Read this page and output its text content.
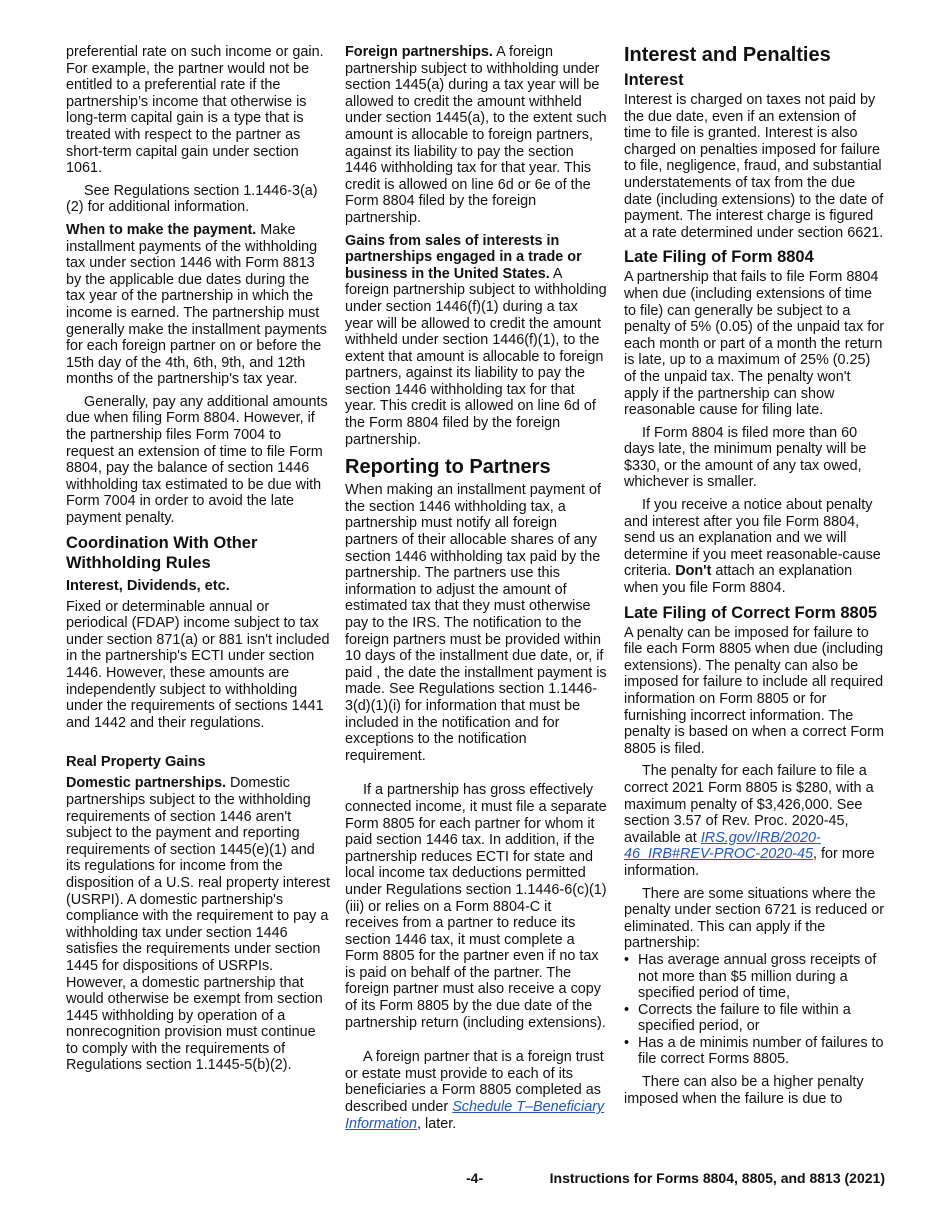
preferential rate on such income or gain. For example, the partner would not be entitled to a preferential rate if the partnership’s income that otherwise is long-term capital gain is a type that is treated with respect to the partner as short-term capital gain under section 1061.

See Regulations section 1.1446-3(a)(2) for additional information.

When to make the payment. Make installment payments of the withholding tax under section 1446 with Form 8813 by the applicable due dates during the tax year of the partnership in which the income is earned. The partnership must generally make the installment payments for each foreign partner on or before the 15th day of the 4th, 6th, 9th, and 12th months of the partnership's tax year.

Generally, pay any additional amounts due when filing Form 8804. However, if the partnership files Form 7004 to request an extension of time to file Form 8804, pay the balance of section 1446 withholding tax estimated to be due with Form 7004 in order to avoid the late payment penalty.

Coordination With Other Withholding Rules
Interest, Dividends, etc.

Fixed or determinable annual or periodical (FDAP) income subject to tax under section 871(a) or 881 isn't included in the partnership's ECTI under section 1446. However, these amounts are independently subject to withholding under the requirements of sections 1441 and 1442 and their regulations.

Real Property Gains

Domestic partnerships. Domestic partnerships subject to the withholding requirements of section 1446 aren't subject to the payment and reporting requirements of section 1445(e)(1) and its regulations for income from the disposition of a U.S. real property interest (USRPI). A domestic partnership's compliance with the requirement to pay a withholding tax under section 1446 satisfies the requirements under section 1445 for dispositions of USRPIs. However, a domestic partnership that would otherwise be exempt from section 1445 withholding by operation of a nonrecognition provision must continue to comply with the requirements of Regulations section 1.1445-5(b)(2).

Foreign partnerships. A foreign partnership subject to withholding under section 1445(a) during a tax year will be allowed to credit the amount withheld under section 1445(a), to the extent such amount is allocable to foreign partners, against its liability to pay the section 1446 withholding tax for that year. This credit is allowed on line 6d or 6e of the Form 8804 filed by the foreign partnership.

Gains from sales of interests in partnerships engaged in a trade or business in the United States. A foreign partnership subject to withholding under section 1446(f)(1) during a tax year will be allowed to credit the amount withheld under section 1446(f)(1), to the extent that amount is allocable to foreign partners, against its liability to pay the section 1446 withholding tax for that year. This credit is allowed on line 6d of the Form 8804 filed by the foreign partnership.

Reporting to Partners

When making an installment payment of the section 1446 withholding tax, a partnership must notify all foreign partners of their allocable shares of any section 1446 withholding tax paid by the partnership. The partners use this information to adjust the amount of estimated tax that they must otherwise pay to the IRS. The notification to the foreign partners must be provided within 10 days of the installment due date, or, if paid , the date the installment payment is made. See Regulations section 1.1446-3(d)(1)(i) for information that must be included in the notification and for exceptions to the notification requirement.

If a partnership has gross effectively connected income, it must file a separate Form 8805 for each partner for whom it paid section 1446 tax. In addition, if the partnership reduces ECTI for state and local income tax deductions permitted under Regulations section 1.1446-6(c)(1)(iii) or relies on a Form 8804-C it receives from a partner to reduce its section 1446 tax, it must complete a Form 8805 for the partner even if no tax is paid on behalf of the partner. The foreign partner must also receive a copy of its Form 8805 by the due date of the partnership return (including extensions).

A foreign partner that is a foreign trust or estate must provide to each of its beneficiaries a Form 8805 completed as described under Schedule T–Beneficiary Information, later.

Interest and Penalties
Interest

Interest is charged on taxes not paid by the due date, even if an extension of time to file is granted. Interest is also charged on penalties imposed for failure to file, negligence, fraud, and substantial understatements of tax from the due date (including extensions) to the date of payment. The interest charge is figured at a rate determined under section 6621.

Late Filing of Form 8804

A partnership that fails to file Form 8804 when due (including extensions of time to file) can generally be subject to a penalty of 5% (0.05) of the unpaid tax for each month or part of a month the return is late, up to a maximum of 25% (0.25) of the unpaid tax. The penalty won't apply if the partnership can show reasonable cause for filing late.

If Form 8804 is filed more than 60 days late, the minimum penalty will be $330, or the amount of any tax owed, whichever is smaller.

If you receive a notice about penalty and interest after you file Form 8804, send us an explanation and we will determine if you meet reasonable-cause criteria. Don't attach an explanation when you file Form 8804.

Late Filing of Correct Form 8805

A penalty can be imposed for failure to file each Form 8805 when due (including extensions). The penalty can also be imposed for failure to include all required information on Form 8805 or for furnishing incorrect information. The penalty is based on when a correct Form 8805 is filed.

The penalty for each failure to file a correct 2021 Form 8805 is $280, with a maximum penalty of $3,426,000. See section 3.57 of Rev. Proc. 2020-45, available at IRS.gov/IRB/2020-46_IRB#REV-PROC-2020-45, for more information.

There are some situations where the penalty under section 6721 is reduced or eliminated. This can apply if the partnership:

• Has average annual gross receipts of not more than $5 million during a specified period of time,

• Corrects the failure to file within a specified period, or

• Has a de minimis number of failures to file correct Forms 8805.

There can also be a higher penalty imposed when the failure is due to

-4-	Instructions for Forms 8804, 8805, and 8813 (2021)
